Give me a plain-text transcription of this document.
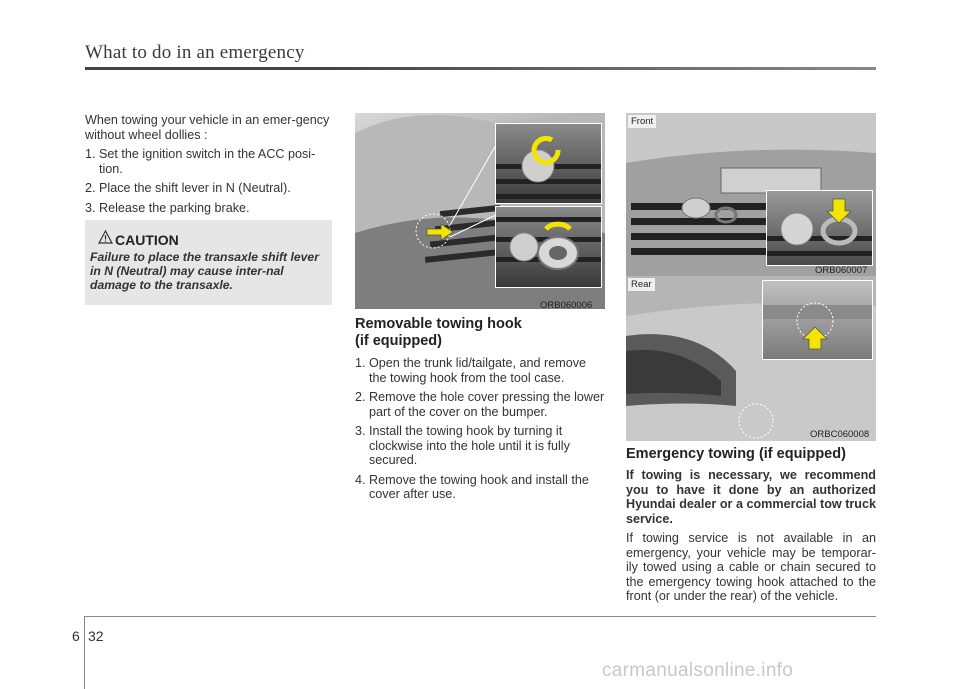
What to do in an emergency

When towing your vehicle in an emer-gency without wheel dollies :

1. Set the ignition switch in the ACC posi-tion.
2. Place the shift lever in N (Neutral).
3. Release the parking brake.
CAUTION
Failure to place the transaxle shift lever in N (Neutral) may cause inter-nal damage to the transaxle.
ORB060006
Removable towing hook
(if equipped)
1. Open the trunk lid/tailgate, and remove the towing hook from the tool case.
2. Remove the hole cover pressing the lower part of the cover on the bumper.
3. Install the towing hook by turning it clockwise into the hole until it is fully secured.
4. Remove the towing hook and install the cover after use.
Front
ORB060007
Rear
ORBC060008
Emergency towing (if equipped)
If towing is necessary, we recommend you to have it done by an authorized Hyundai dealer or a commercial tow truck service.
If towing service is not available in an emergency, your vehicle may be temporar-ily towed using a cable or chain secured to the emergency towing hook attached to the front (or under the rear) of the vehicle.
6 32
carmanualsonline.info
